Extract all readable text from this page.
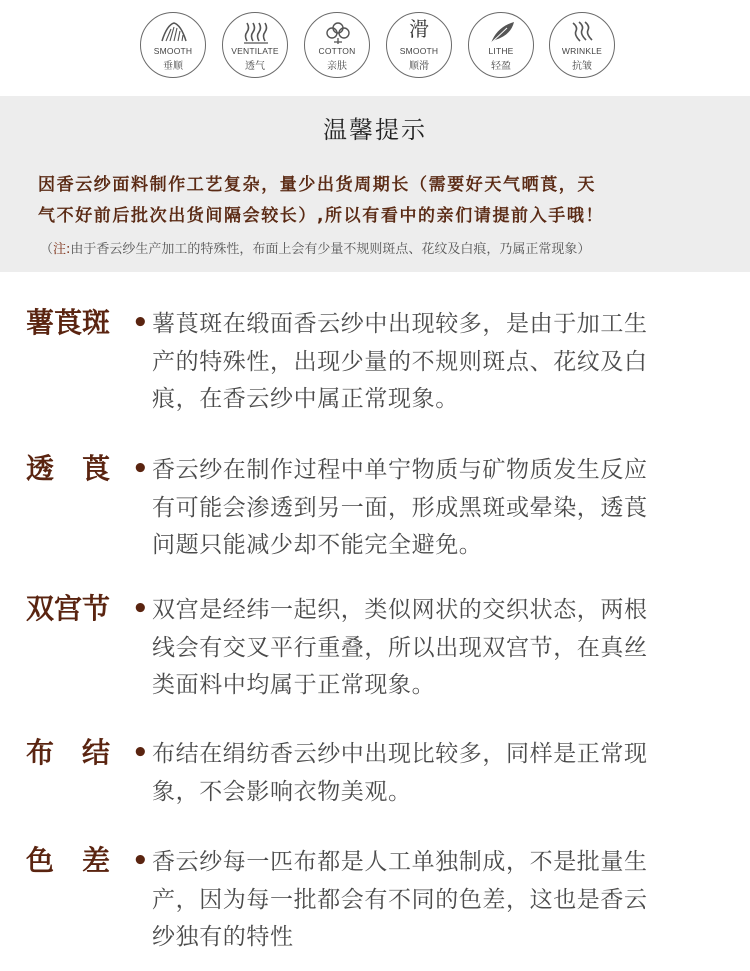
SMOOTH
垂顺
VENTILATE
透气
COTTON
亲肤
滑
SMOOTH
顺滑
LITHE
轻盈
WRINKLE
抗皱
温馨提示
因香云纱面料制作工艺复杂，量少出货周期长（需要好天气晒莨，天
气不好前后批次出货间隔会较长）,所以有看中的亲们请提前入手哦！
（注:由于香云纱生产加工的特殊性，布面上会有少量不规则斑点、花纹及白痕，乃属正常现象）
薯莨斑 • 薯莨斑在缎面香云纱中出现较多，是由于加工生
产的特殊性，出现少量的不规则斑点、花纹及白
痕，在香云纱中属正常现象。
透　莨 • 香云纱在制作过程中单宁物质与矿物质发生反应
有可能会渗透到另一面，形成黑斑或晕染，透莨
问题只能减少却不能完全避免。
双宫节 • 双宫是经纬一起织，类似网状的交织状态，两根
线会有交叉平行重叠，所以出现双宫节，在真丝
类面料中均属于正常现象。
布　结 • 布结在绢纺香云纱中出现比较多，同样是正常现
象，不会影响衣物美观。
色　差 • 香云纱每一匹布都是人工单独制成，不是批量生
产，因为每一批都会有不同的色差，这也是香云
纱独有的特性
